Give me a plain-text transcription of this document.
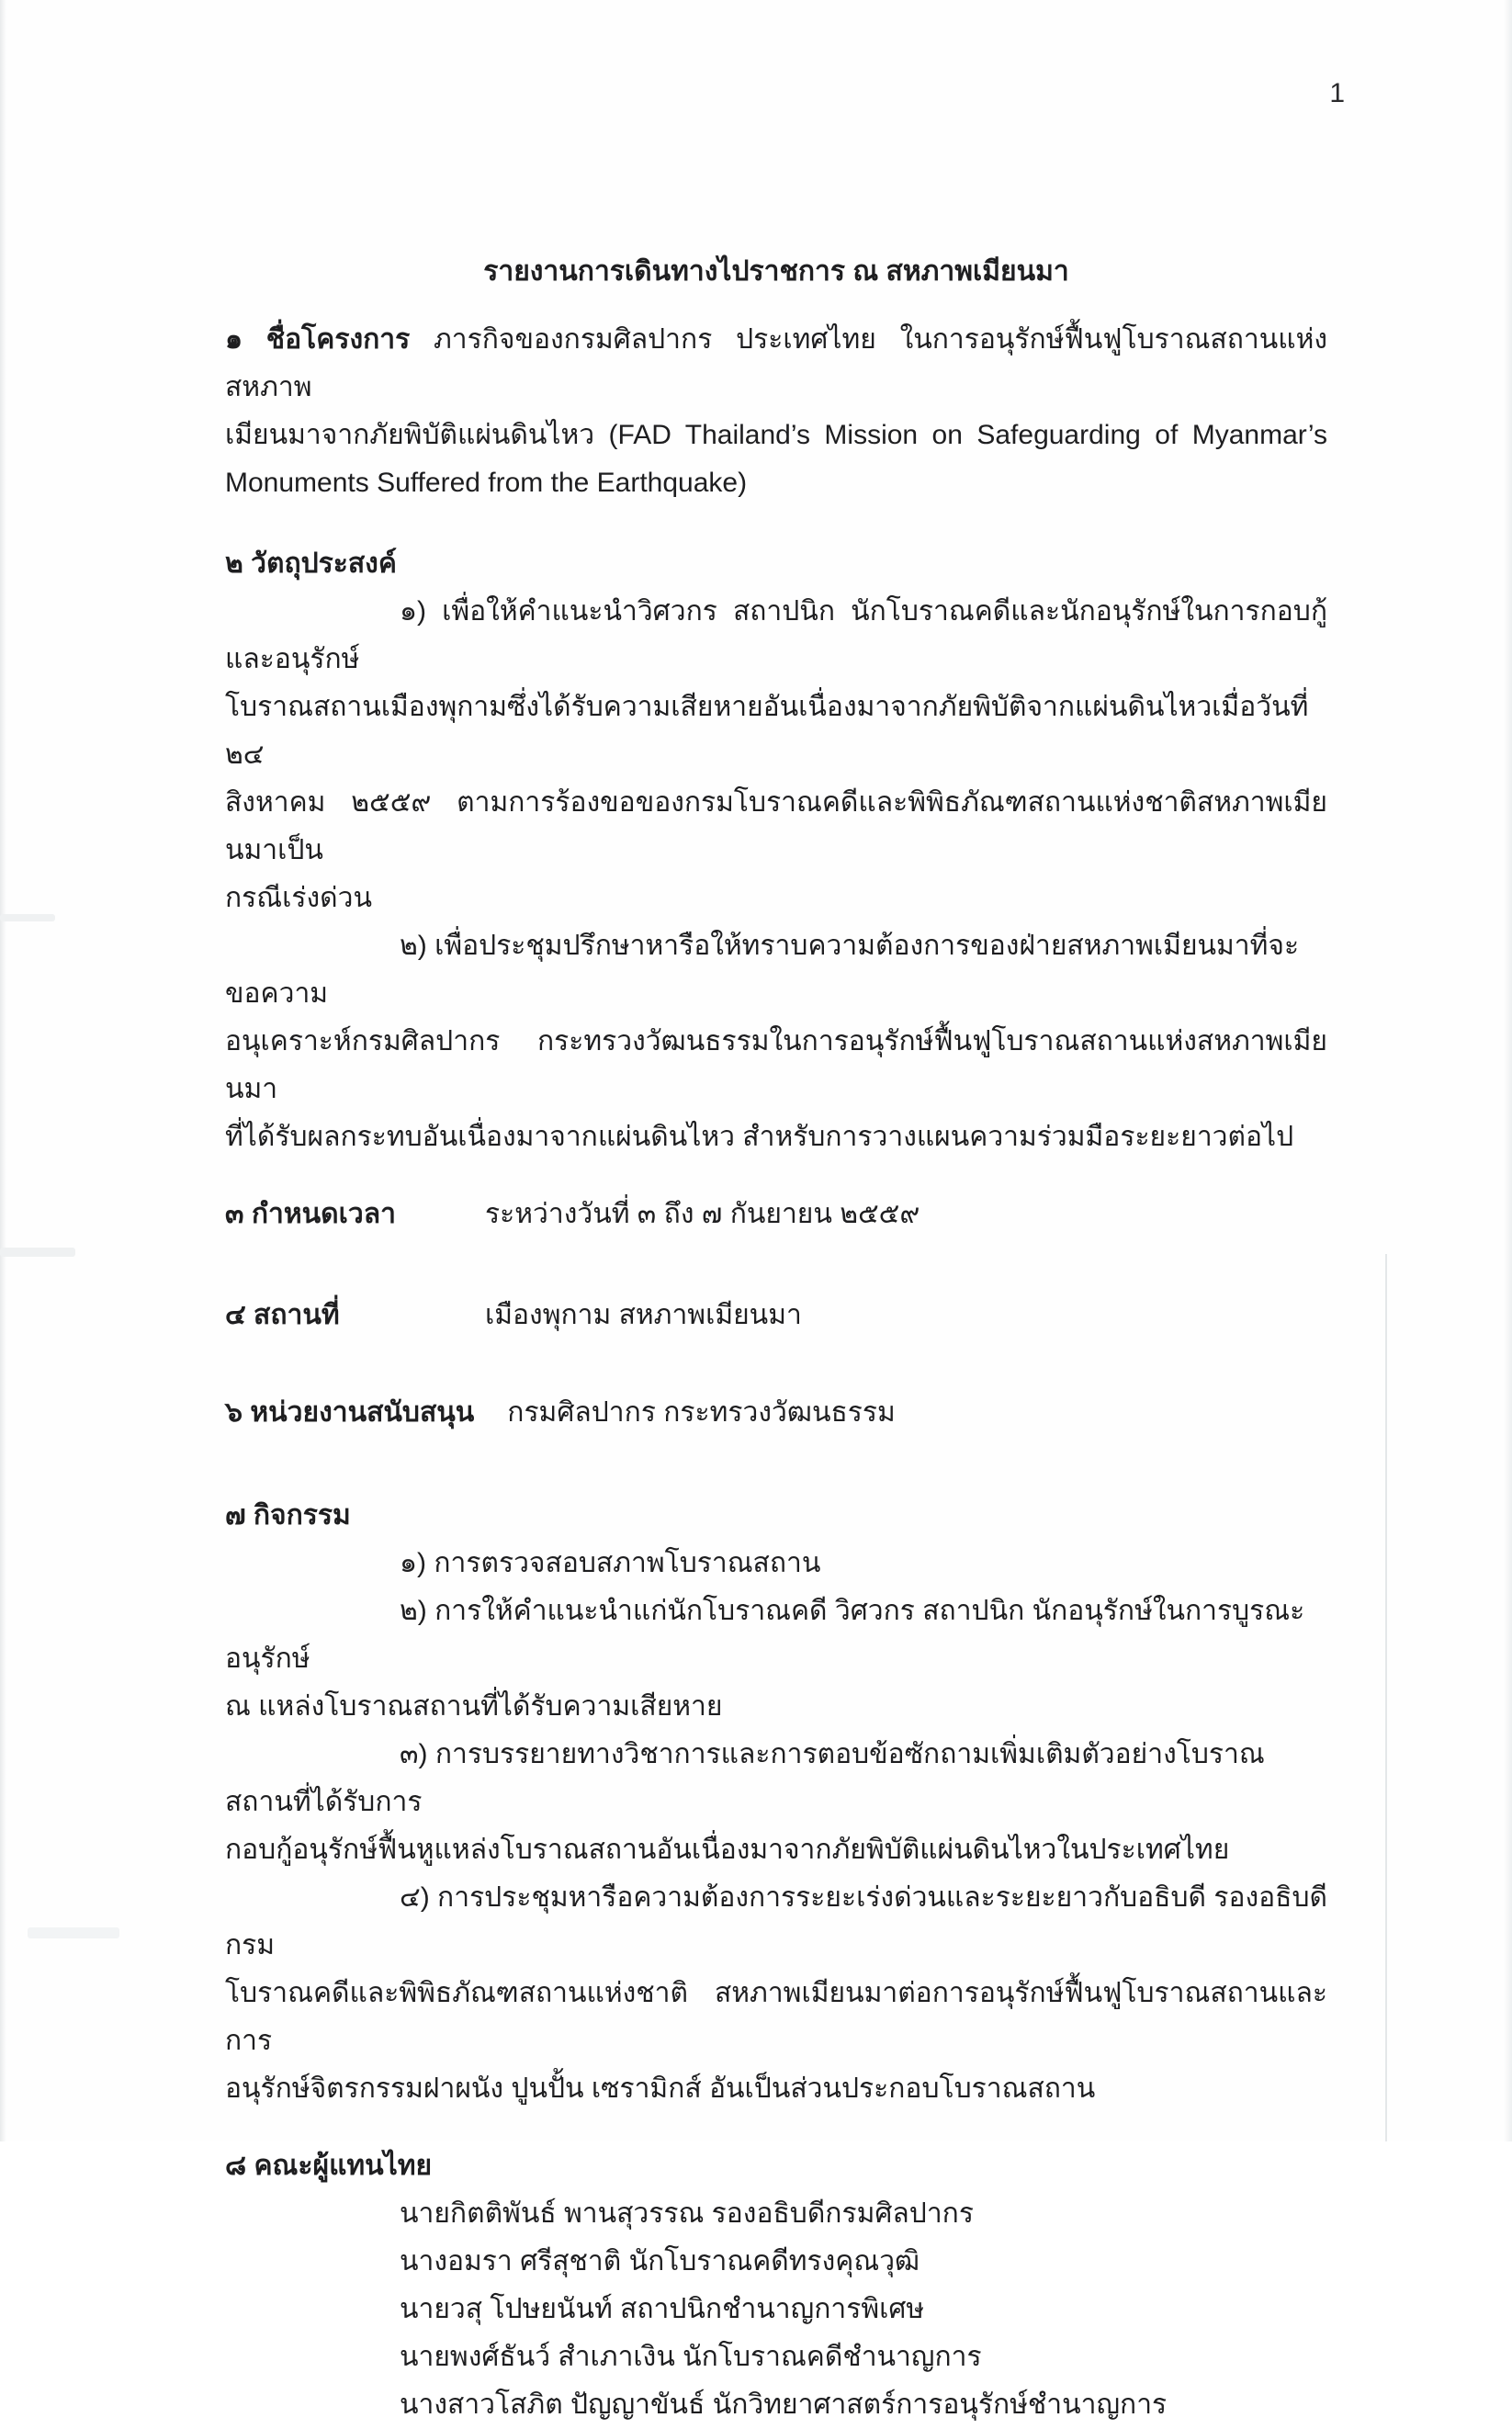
1
รายงานการเดินทางไปราชการ ณ สหภาพเมียนมา
๑ ชื่อโครงการ ภารกิจของกรมศิลปากร ประเทศไทย ในการอนุรักษ์ฟื้นฟูโบราณสถานแห่งสหภาพ
เมียนมาจากภัยพิบัติแผ่นดินไหว (FAD Thailand’s Mission on Safeguarding of Myanmar’s
Monuments Suffered from the Earthquake)
๒ วัตถุประสงค์
๑) เพื่อให้คำแนะนำวิศวกร สถาปนิก นักโบราณคดีและนักอนุรักษ์ในการกอบกู้และอนุรักษ์
โบราณสถานเมืองพุกามซึ่งได้รับความเสียหายอันเนื่องมาจากภัยพิบัติจากแผ่นดินไหวเมื่อวันที่ ๒๔
สิงหาคม ๒๕๕๙ ตามการร้องขอของกรมโบราณคดีและพิพิธภัณฑสถานแห่งชาติสหภาพเมียนมาเป็น
กรณีเร่งด่วน
๒) เพื่อประชุมปรึกษาหารือให้ทราบความต้องการของฝ่ายสหภาพเมียนมาที่จะขอความ
อนุเคราะห์กรมศิลปากร กระทรวงวัฒนธรรมในการอนุรักษ์ฟื้นฟูโบราณสถานแห่งสหภาพเมียนมา
ที่ได้รับผลกระทบอันเนื่องมาจากแผ่นดินไหว สำหรับการวางแผนความร่วมมือระยะยาวต่อไป
๓ กำหนดเวลา	ระหว่างวันที่ ๓ ถึง ๗ กันยายน ๒๕๕๙
๔ สถานที่	เมืองพุกาม สหภาพเมียนมา
๖ หน่วยงานสนับสนุน กรมศิลปากร กระทรวงวัฒนธรรม
๗ กิจกรรม
๑) การตรวจสอบสภาพโบราณสถาน
๒) การให้คำแนะนำแก่นักโบราณคดี วิศวกร สถาปนิก นักอนุรักษ์ในการบูรณะอนุรักษ์
ณ แหล่งโบราณสถานที่ได้รับความเสียหาย
๓) การบรรยายทางวิชาการและการตอบข้อซักถามเพิ่มเติมตัวอย่างโบราณสถานที่ได้รับการ
กอบกู้อนุรักษ์ฟื้นหูแหล่งโบราณสถานอันเนื่องมาจากภัยพิบัติแผ่นดินไหวในประเทศไทย
๔) การประชุมหารือความต้องการระยะเร่งด่วนและระยะยาวกับอธิบดี รองอธิบดี กรม
โบราณคดีและพิพิธภัณฑสถานแห่งชาติ สหภาพเมียนมาต่อการอนุรักษ์ฟื้นฟูโบราณสถานและการ
อนุรักษ์จิตรกรรมฝาผนัง ปูนปั้น เซรามิกส์ อันเป็นส่วนประกอบโบราณสถาน
๘ คณะผู้แทนไทย
นายกิตติพันธ์ พานสุวรรณ รองอธิบดีกรมศิลปากร
นางอมรา ศรีสุชาติ นักโบราณคดีทรงคุณวุฒิ
นายวสุ โปษยนันท์ สถาปนิกชำนาญการพิเศษ
นายพงศ์ธันว์ สำเภาเงิน นักโบราณคดีชำนาญการ
นางสาวโสภิต ปัญญาขันธ์ นักวิทยาศาสตร์การอนุรักษ์ชำนาญการ
